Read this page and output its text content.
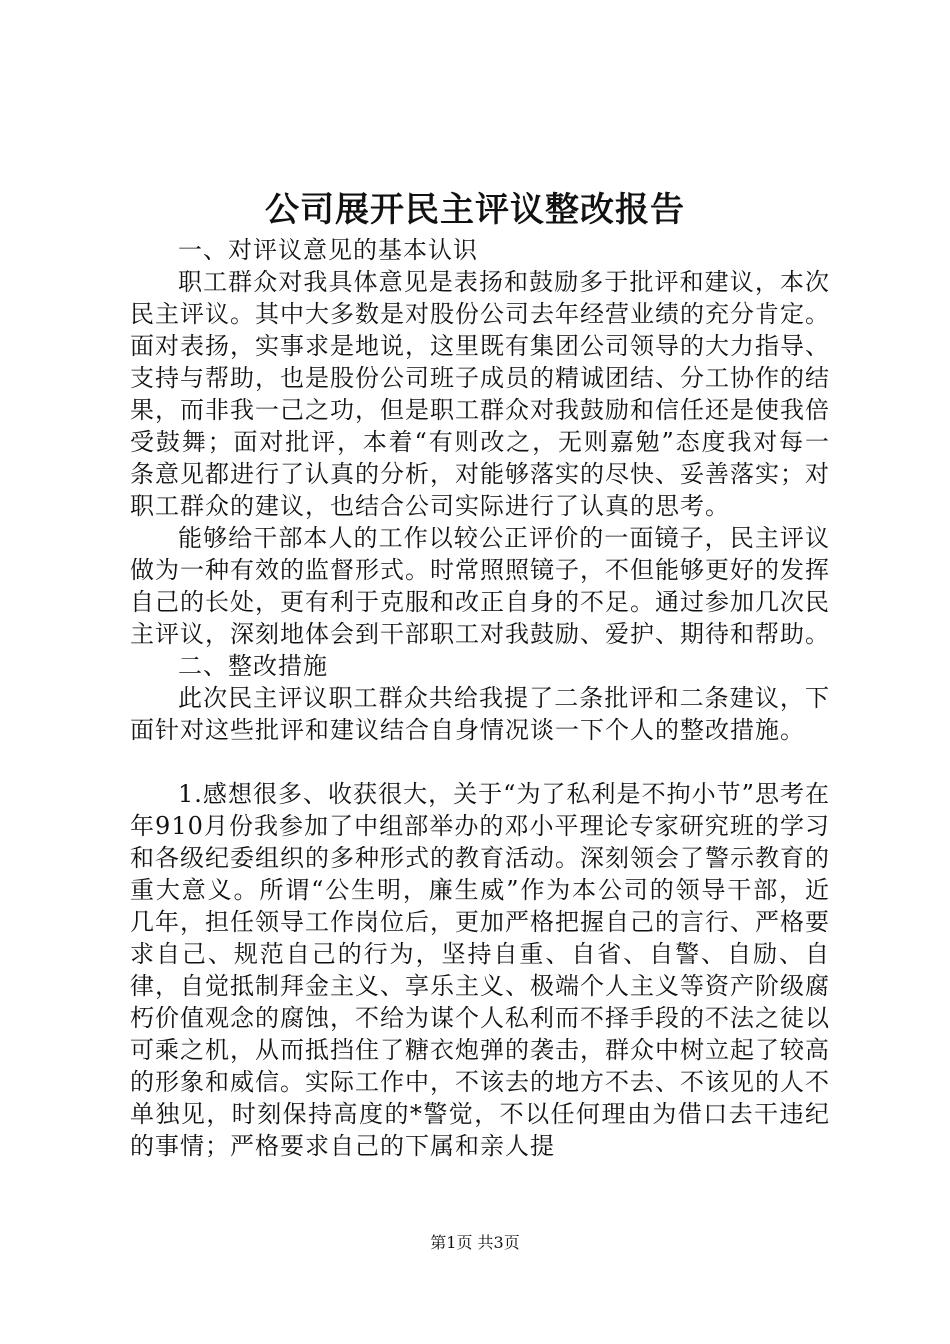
公司展开民主评议整改报告

一、对评议意见的基本认识

职工群众对我具体意见是表扬和鼓励多于批评和建议，本次民主评议。其中大多数是对股份公司去年经营业绩的充分肯定。面对表扬，实事求是地说，这里既有集团公司领导的大力指导、支持与帮助，也是股份公司班子成员的精诚团结、分工协作的结果，而非我一己之功，但是职工群众对我鼓励和信任还是使我倍受鼓舞；面对批评，本着“有则改之，无则嘉勉”态度我对每一条意见都进行了认真的分析，对能够落实的尽快、妥善落实；对职工群众的建议，也结合公司实际进行了认真的思考。

能够给干部本人的工作以较公正评价的一面镜子，民主评议做为一种有效的监督形式。时常照照镜子，不但能够更好的发挥自己的长处，更有利于克服和改正自身的不足。通过参加几次民主评议，深刻地体会到干部职工对我鼓励、爱护、期待和帮助。

二、整改措施

此次民主评议职工群众共给我提了二条批评和二条建议，下面针对这些批评和建议结合自身情况谈一下个人的整改措施。

1.感想很多、收获很大，关于“为了私利是不拘小节”思考在年910月份我参加了中组部举办的邓小平理论专家研究班的学习和各级纪委组织的多种形式的教育活动。深刻领会了警示教育的重大意义。所谓“公生明，廉生威”作为本公司的领导干部，近几年，担任领导工作岗位后，更加严格把握自己的言行、严格要求自己、规范自己的行为，坚持自重、自省、自警、自励、自律，自觉抵制拜金主义、享乐主义、极端个人主义等资产阶级腐朽价值观念的腐蚀，不给为谋个人私利而不择手段的不法之徒以可乘之机，从而抵挡住了糖衣炮弹的袭击，群众中树立起了较高的形象和威信。实际工作中，不该去的地方不去、不该见的人不单独见，时刻保持高度的*警觉，不以任何理由为借口去干违纪的事情；严格要求自己的下属和亲人提

第1页 共3页
